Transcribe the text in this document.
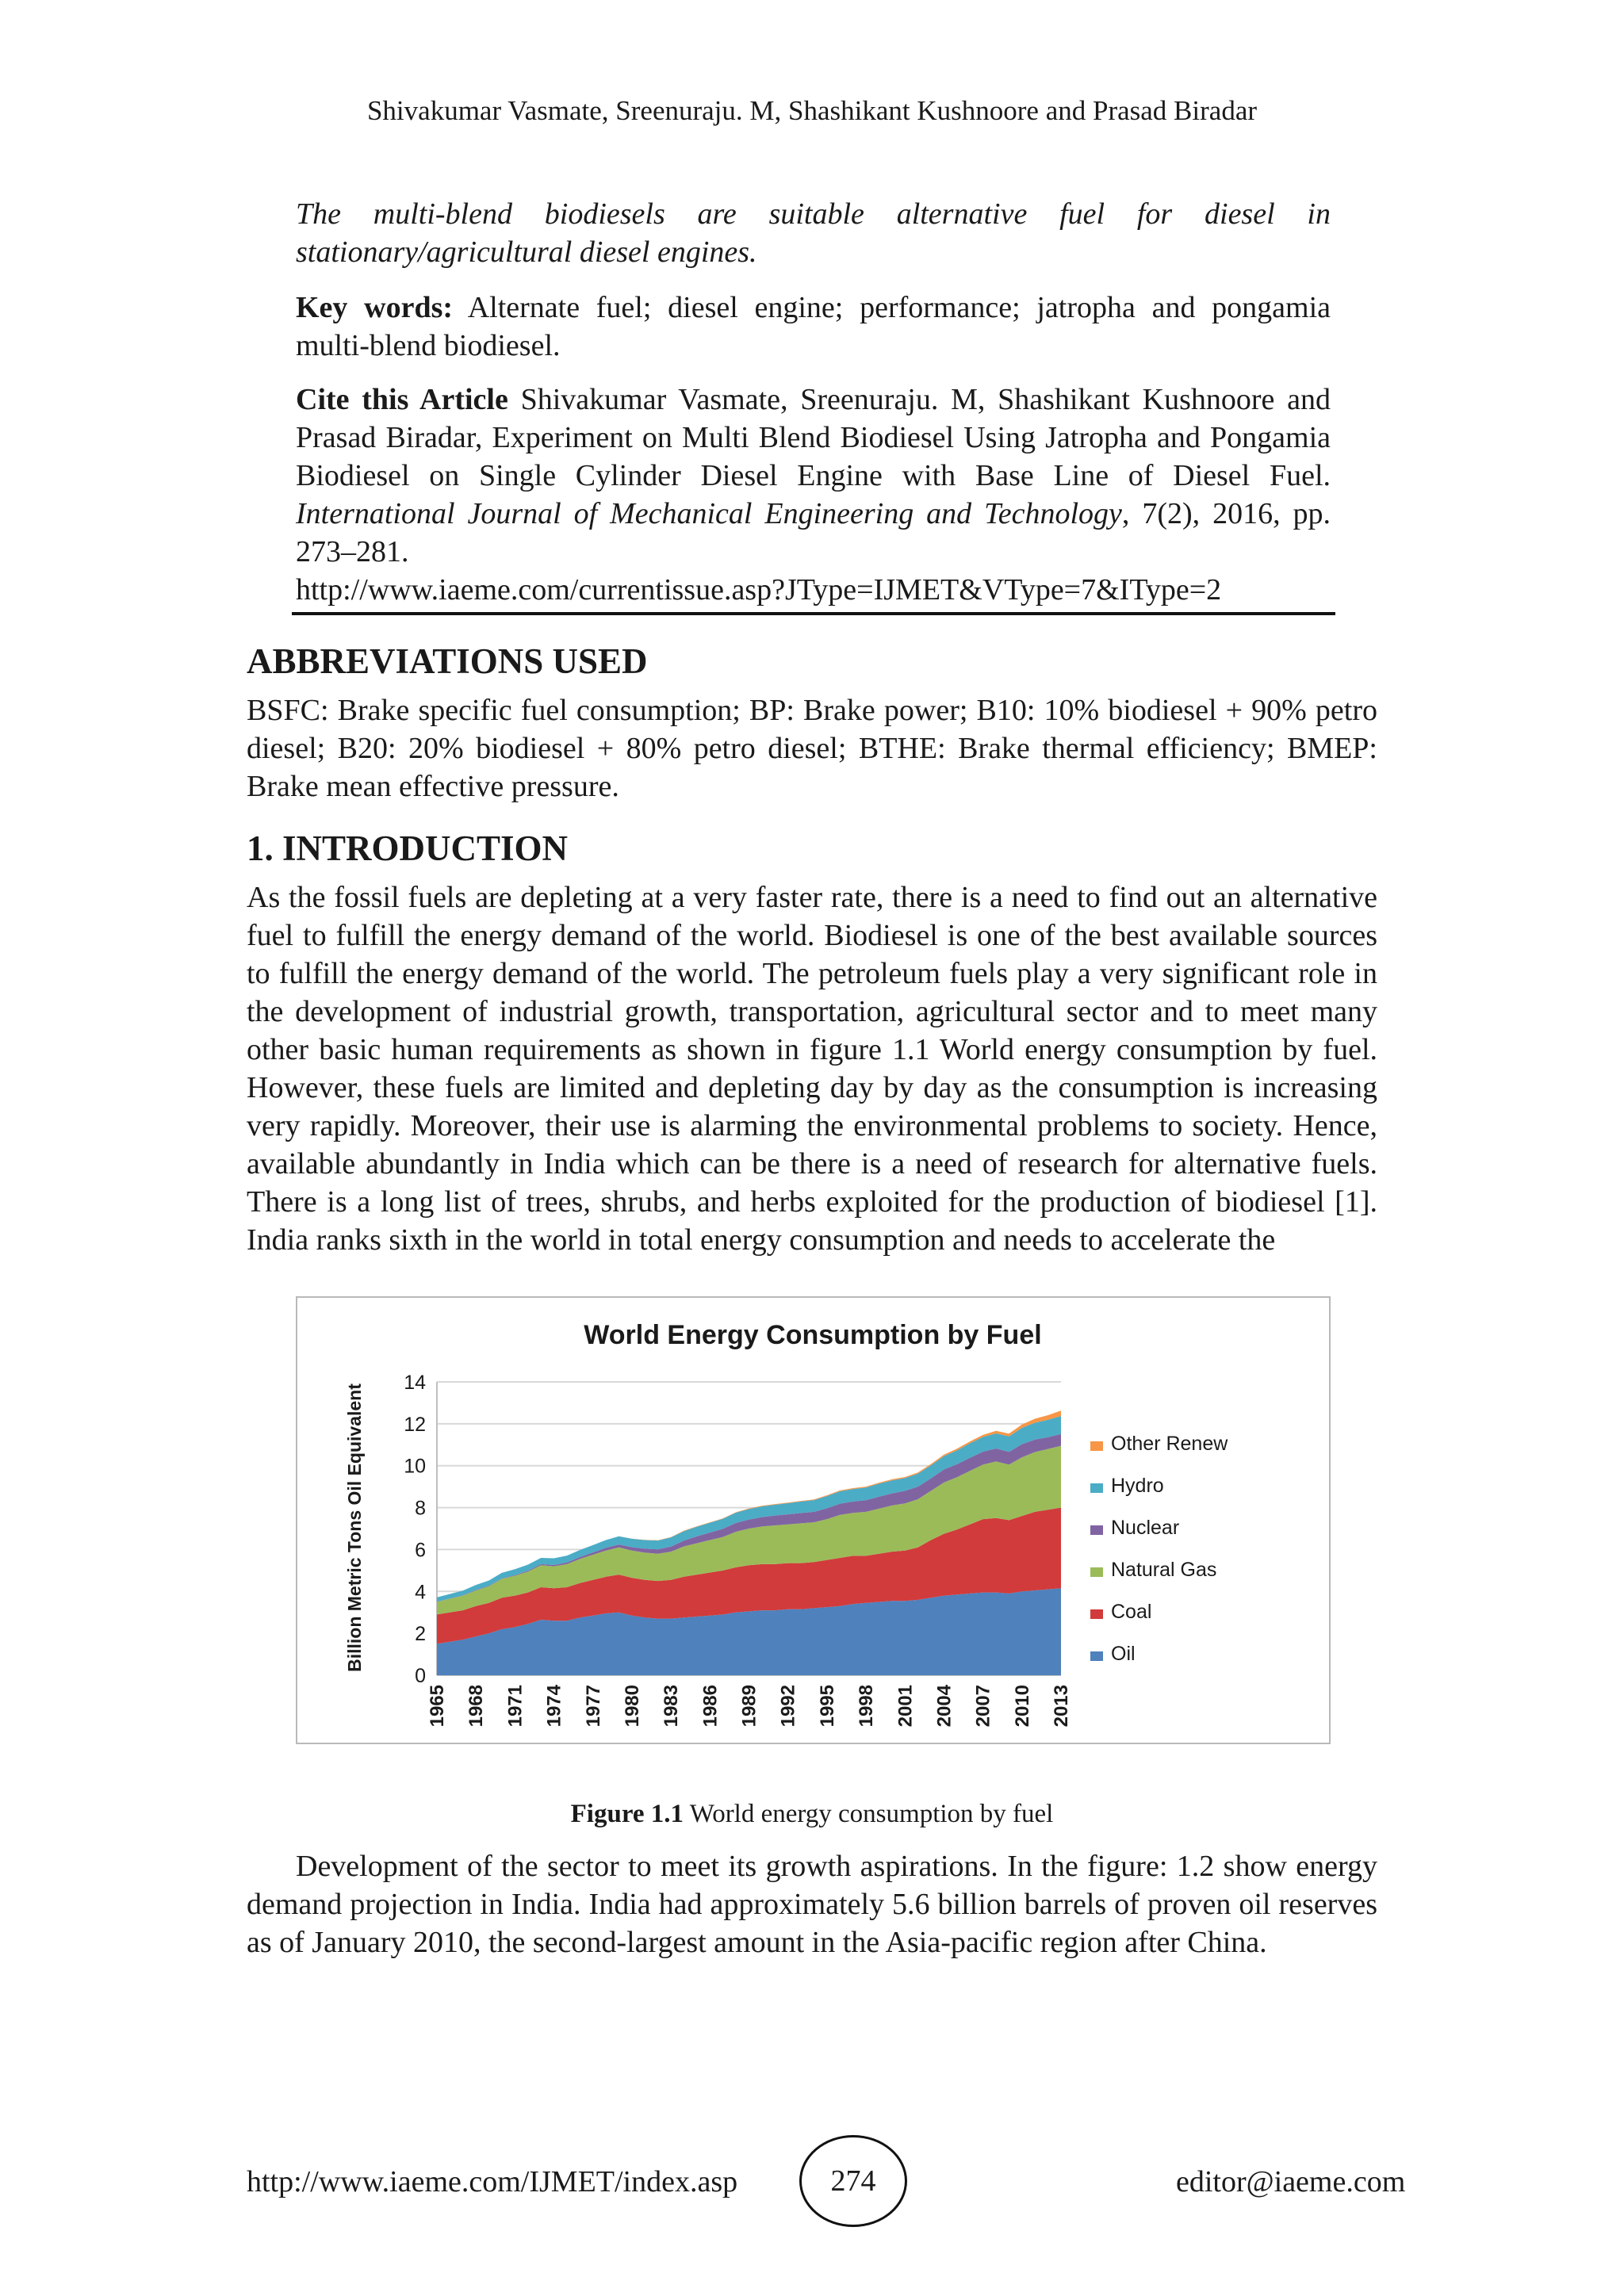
Shivakumar Vasmate, Sreenuraju. M, Shashikant Kushnoore and Prasad Biradar
The multi-blend biodiesels are suitable alternative fuel for diesel in
stationary/agricultural diesel engines.
Key words: Alternate fuel; diesel engine; performance; jatropha and pongamia multi-blend biodiesel.
Cite this Article Shivakumar Vasmate, Sreenuraju. M, Shashikant Kushnoore and Prasad Biradar, Experiment on Multi Blend Biodiesel Using Jatropha and Pongamia Biodiesel on Single Cylinder Diesel Engine with Base Line of Diesel Fuel. International Journal of Mechanical Engineering and Technology, 7(2), 2016, pp. 273–281.
http://www.iaeme.com/currentissue.asp?JType=IJMET&VType=7&IType=2
ABBREVIATIONS USED
BSFC: Brake specific fuel consumption; BP: Brake power; B10: 10% biodiesel + 90% petro diesel; B20: 20% biodiesel + 80% petro diesel; BTHE: Brake thermal efficiency; BMEP: Brake mean effective pressure.
1. INTRODUCTION
As the fossil fuels are depleting at a very faster rate, there is a need to find out an alternative fuel to fulfill the energy demand of the world. Biodiesel is one of the best available sources to fulfill the energy demand of the world. The petroleum fuels play a very significant role in the development of industrial growth, transportation, agricultural sector and to meet many other basic human requirements as shown in figure 1.1 World energy consumption by fuel. However, these fuels are limited and depleting day by day as the consumption is increasing very rapidly. Moreover, their use is alarming the environmental problems to society. Hence, available abundantly in India which can be there is a need of research for alternative fuels. There is a long list of trees, shrubs, and herbs exploited for the production of biodiesel [1]. India ranks sixth in the world in total energy consumption and needs to accelerate the
World Energy Consumption by Fuel
0
2
4
6
8
10
12
14
1965 1968 1971 1974 1977 1980 1983 1986 1989 1992 1995 1998 2001 2004 2007 2010 2013
Other Renew
Hydro
Nuclear
Natural Gas
Coal
Oil
Billion Metric Tons Oil Equivalent
Figure 1.1 World energy consumption by fuel
Development of the sector to meet its growth aspirations. In the figure: 1.2 show energy demand projection in India. India had approximately 5.6 billion barrels of proven oil reserves as of January 2010, the second-largest amount in the Asia-pacific region after China.
http://www.iaeme.com/IJMET/index.asp	274	editor@iaeme.com
